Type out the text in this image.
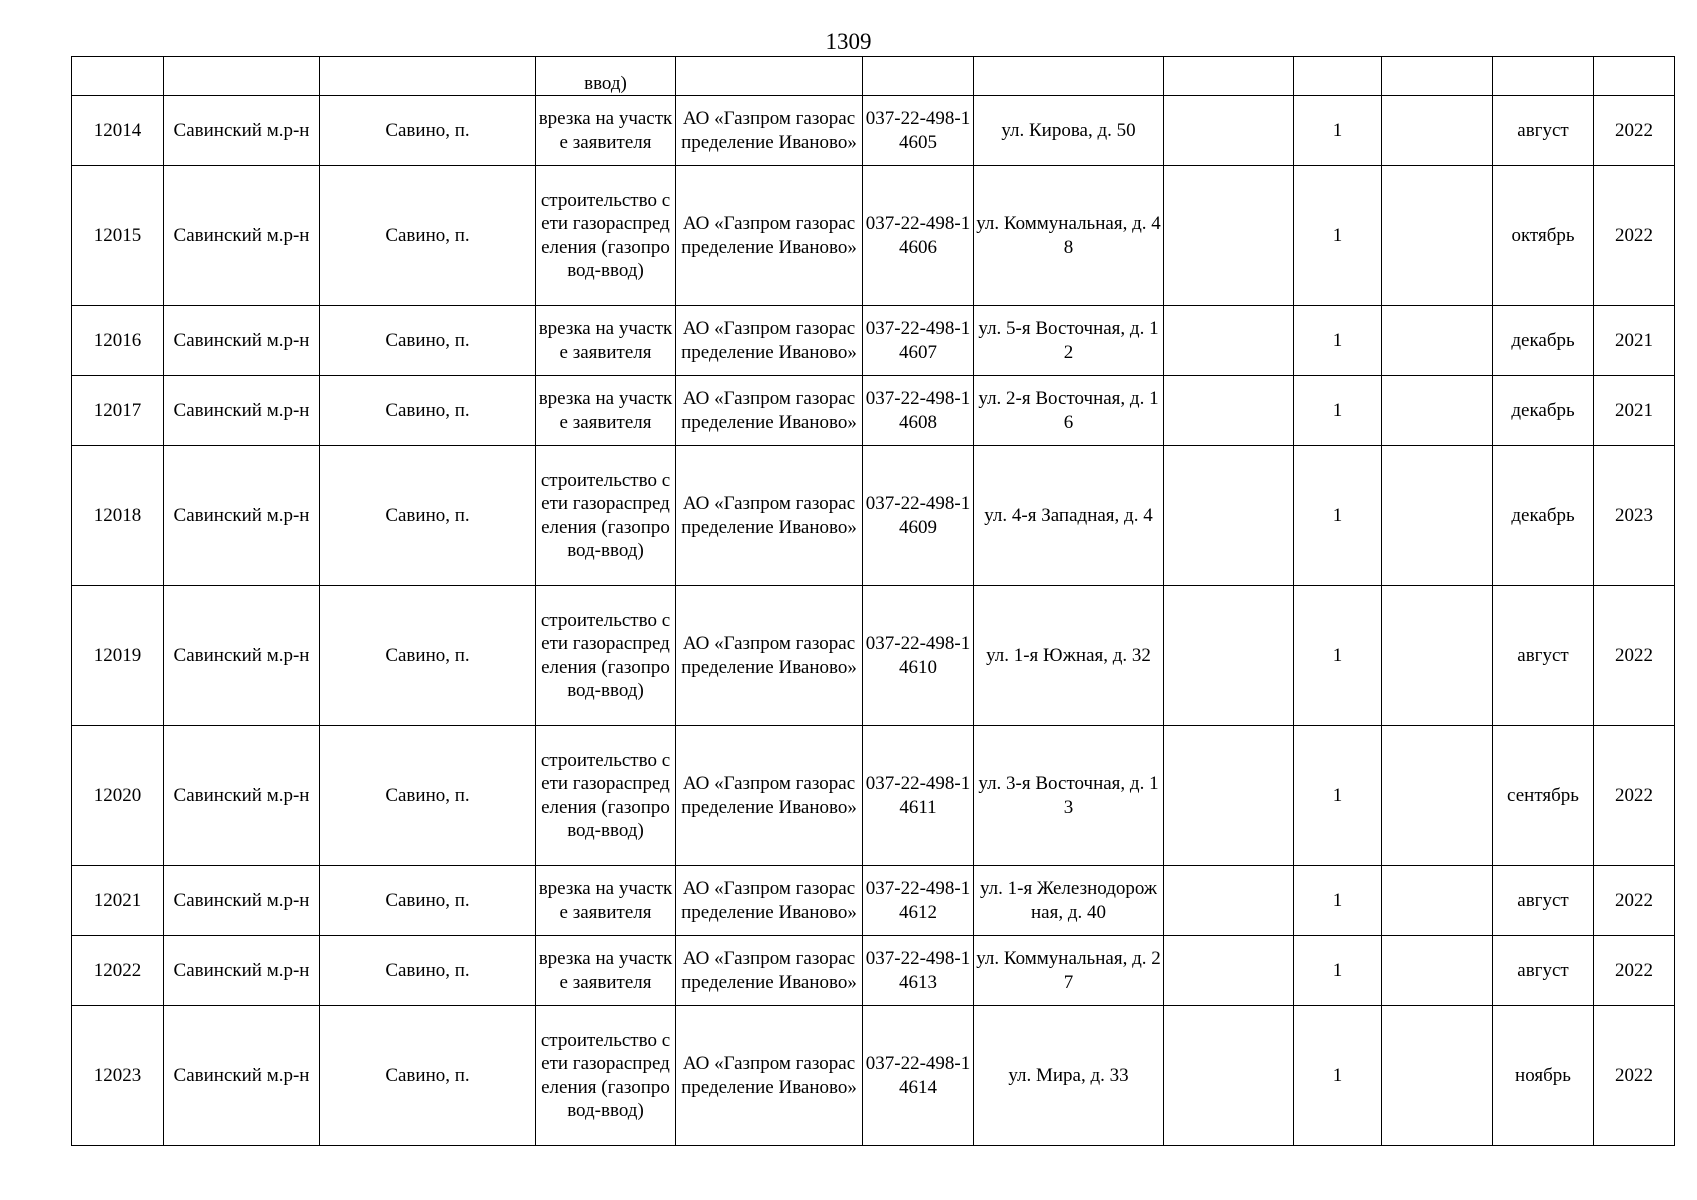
1309
			ввод)								
12014	Савинский м.р-н	Савино, п.	врезка на участке заявителя	АО «Газпром газораспределение Иваново»	037-22-498-14605	ул. Кирова, д. 50		1		август	2022
12015	Савинский м.р-н	Савино, п.	строительство сети газораспределения (газопровод-ввод)	АО «Газпром газораспределение Иваново»	037-22-498-14606	ул. Коммунальная, д. 48		1		октябрь	2022
12016	Савинский м.р-н	Савино, п.	врезка на участке заявителя	АО «Газпром газораспределение Иваново»	037-22-498-14607	ул. 5-я Восточная, д. 12		1		декабрь	2021
12017	Савинский м.р-н	Савино, п.	врезка на участке заявителя	АО «Газпром газораспределение Иваново»	037-22-498-14608	ул. 2-я Восточная, д. 16		1		декабрь	2021
12018	Савинский м.р-н	Савино, п.	строительство сети газораспределения (газопровод-ввод)	АО «Газпром газораспределение Иваново»	037-22-498-14609	ул. 4-я Западная, д. 4		1		декабрь	2023
12019	Савинский м.р-н	Савино, п.	строительство сети газораспределения (газопровод-ввод)	АО «Газпром газораспределение Иваново»	037-22-498-14610	ул. 1-я Южная, д. 32		1		август	2022
12020	Савинский м.р-н	Савино, п.	строительство сети газораспределения (газопровод-ввод)	АО «Газпром газораспределение Иваново»	037-22-498-14611	ул. 3-я Восточная, д. 13		1		сентябрь	2022
12021	Савинский м.р-н	Савино, п.	врезка на участке заявителя	АО «Газпром газораспределение Иваново»	037-22-498-14612	ул. 1-я Железнодорожная, д. 40		1		август	2022
12022	Савинский м.р-н	Савино, п.	врезка на участке заявителя	АО «Газпром газораспределение Иваново»	037-22-498-14613	ул. Коммунальная, д. 27		1		август	2022
12023	Савинский м.р-н	Савино, п.	строительство сети газораспределения (газопровод-ввод)	АО «Газпром газораспределение Иваново»	037-22-498-14614	ул. Мира, д. 33		1		ноябрь	2022
